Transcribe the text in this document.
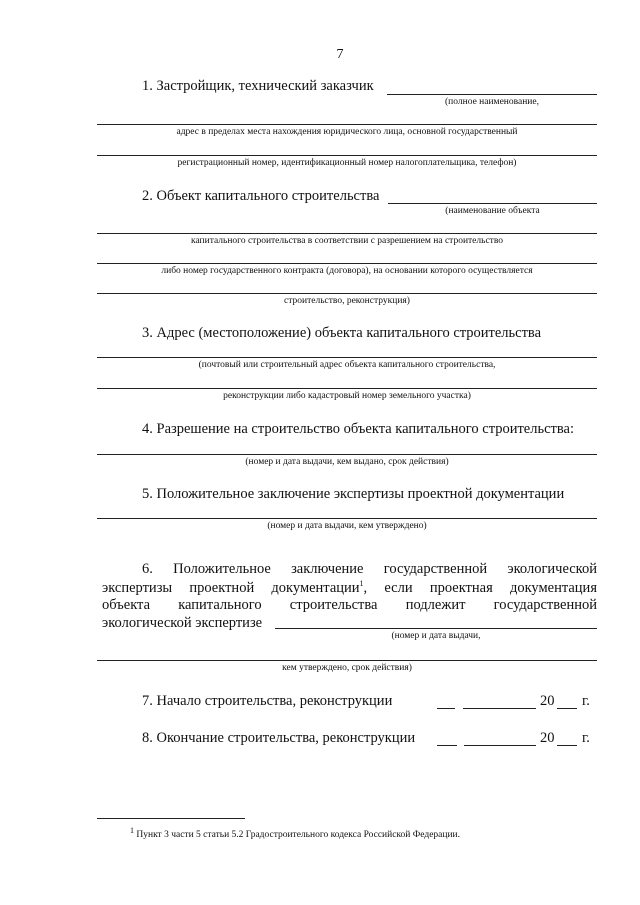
7
1. Застройщик, технический заказчик
(полное наименование,
адрес в пределах места нахождения юридического лица, основной государственный
регистрационный номер, идентификационный номер налогоплательщика, телефон)
2. Объект капитального строительства
(наименование объекта
капитального строительства в соответствии с разрешением на строительство
либо номер государственного контракта (договора), на основании которого осуществляется
строительство, реконструкция)
3. Адрес (местоположение) объекта капитального строительства
(почтовый или строительный адрес объекта капитального строительства,
реконструкции либо кадастровый номер земельного участка)
4. Разрешение на строительство объекта капитального строительства:
(номер и дата выдачи, кем выдано, срок действия)
5. Положительное заключение экспертизы проектной документации
(номер и дата выдачи, кем утверждено)
6. Положительное заключение государственной экологической
экспертизы проектной документации$^1$, если проектная документация
объекта капитального строительства подлежит государственной
экологической экспертизе
(номер и дата выдачи,
кем утверждено, срок действия)
7. Начало строительства, реконструкции	20 г.
8. Окончание строительства, реконструкции	20 г.
$^1$ Пункт 3 части 5 статьи 5.2 Градостроительного кодекса Российской Федерации.
